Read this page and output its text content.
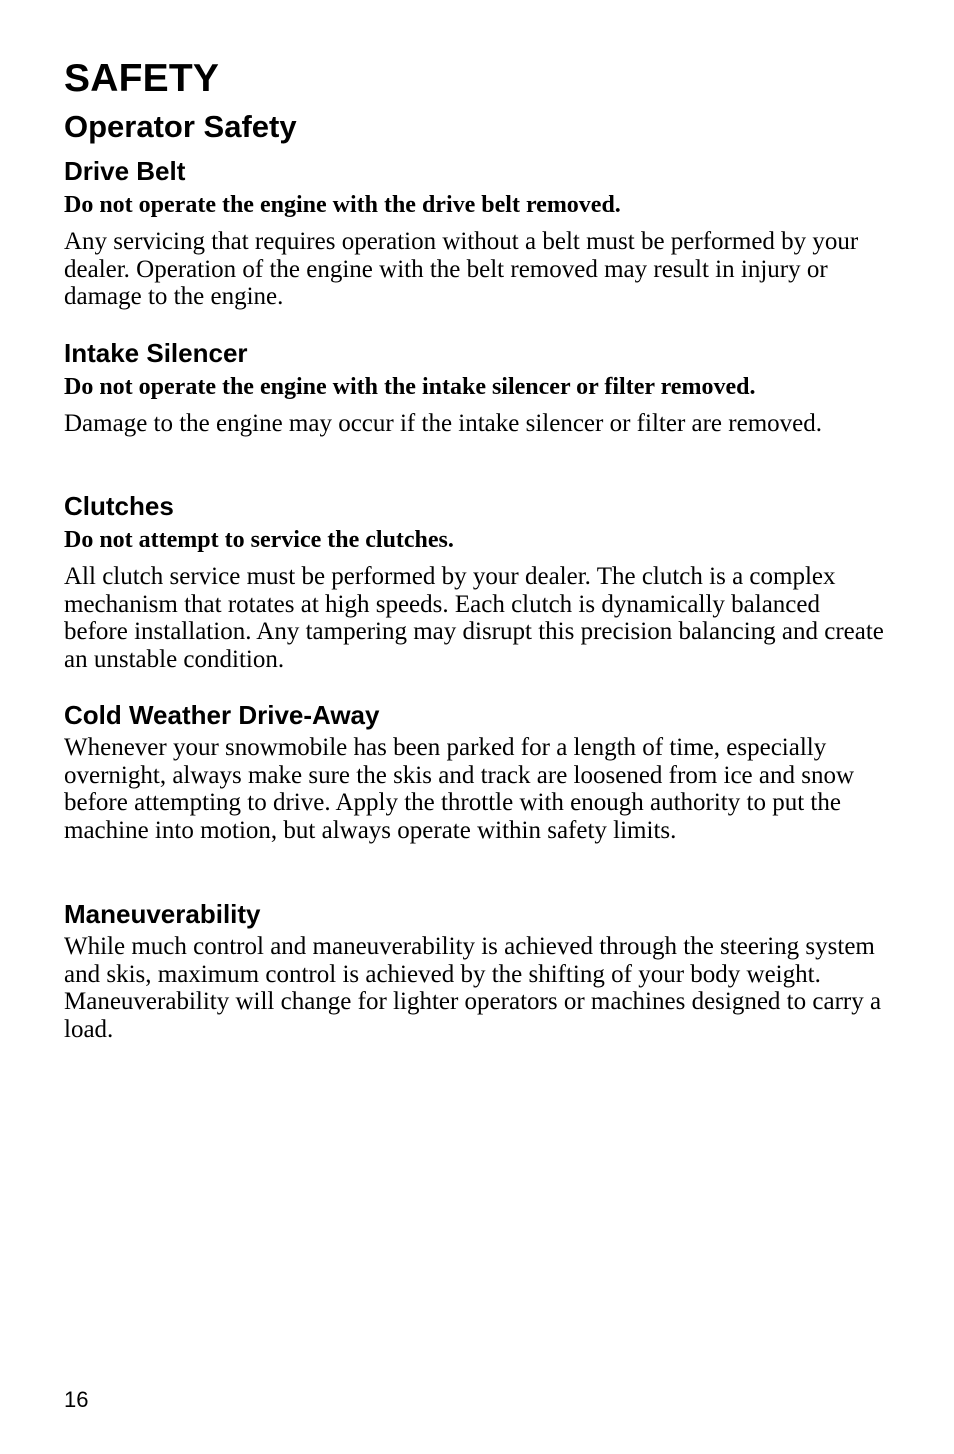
SAFETY
Operator Safety
Drive Belt

Do not operate the engine with the drive belt removed.

Any servicing that requires operation without a belt must be performed by your dealer. Operation of the engine with the belt removed may result in injury or damage to the engine.

Intake Silencer

Do not operate the engine with the intake silencer or filter removed.

Damage to the engine may occur if the intake silencer or filter are removed.

Clutches

Do not attempt to service the clutches.

All clutch service must be performed by your dealer. The clutch is a complex mechanism that rotates at high speeds. Each clutch is dynamically balanced before installation. Any tampering may disrupt this precision balancing and create an unstable condition.

Cold Weather Drive-Away

Whenever your snowmobile has been parked for a length of time, especially overnight, always make sure the skis and track are loosened from ice and snow before attempting to drive. Apply the throttle with enough authority to put the machine into motion, but always operate within safety limits.

Maneuverability

While much control and maneuverability is achieved through the steering system and skis, maximum control is achieved by the shifting of your body weight. Maneuverability will change for lighter operators or machines designed to carry a load.

16
